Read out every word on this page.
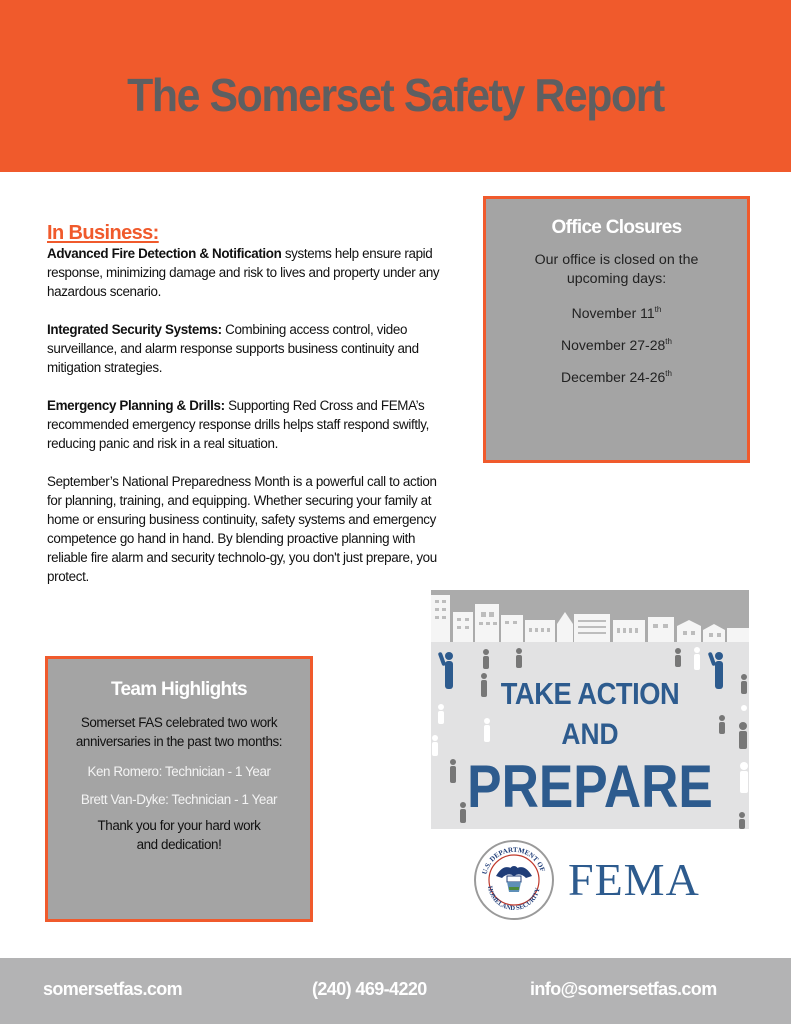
The Somerset Safety Report
In Business:

Advanced Fire Detection & Notification systems help ensure rapid response, minimizing damage and risk to lives and property under any hazardous scenario.

Integrated Security Systems: Combining access control, video surveillance, and alarm response supports business continuity and mitigation strategies.

Emergency Planning & Drills: Supporting Red Cross and FEMA’s recommended emergency response drills helps staff respond swiftly, reducing panic and risk in a real situation.

September’s National Preparedness Month is a powerful call to action for planning, training, and equipping. Whether securing your family at home or ensuring business continuity, safety systems and emergency competence go hand in hand. By blending proactive planning with reliable fire alarm and security technolo-gy, you don't just prepare, you protect.

Office Closures
Our office is closed on the upcoming days:
November 11th
November 27-28th
December 24-26th
Team Highlights
Somerset FAS celebrated two work anniversaries in the past two months:
Ken Romero: Technician - 1 Year
Brett Van-Dyke: Technician - 1 Year
Thank you for your hard work and dedication!
TAKE ACTION
AND
PREPARE
U.S. DEPARTMENT OF
HOMELAND SECURITY FEMA
somersetfas.com	(240) 469-4220	info@somersetfas.com
